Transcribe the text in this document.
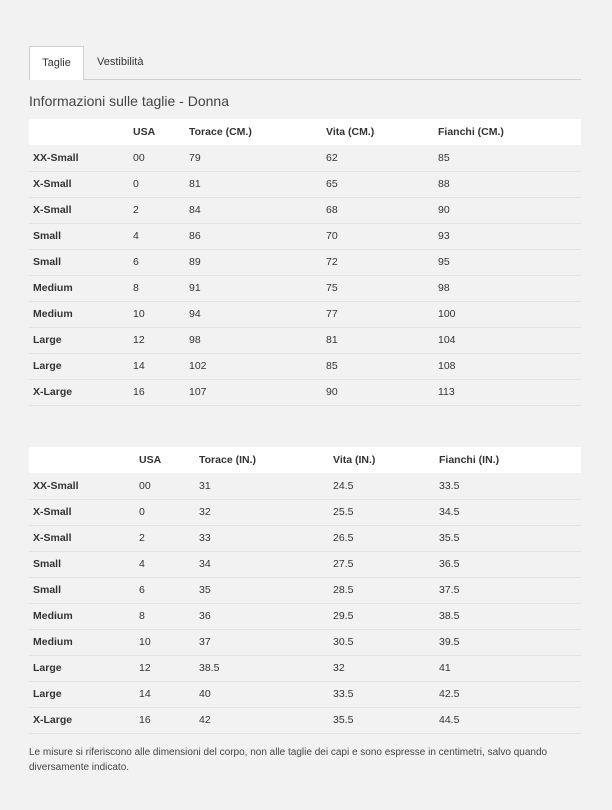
Taglie	Vestibilità
Informazioni sulle taglie - Donna
	USA	Torace (CM.)	Vita (CM.)	Fianchi (CM.)
XX-Small	00	79	62	85
X-Small	0	81	65	88
X-Small	2	84	68	90
Small	4	86	70	93
Small	6	89	72	95
Medium	8	91	75	98
Medium	10	94	77	100
Large	12	98	81	104
Large	14	102	85	108
X-Large	16	107	90	113
	USA	Torace (IN.)	Vita (IN.)	Fianchi (IN.)
XX-Small	00	31	24.5	33.5
X-Small	0	32	25.5	34.5
X-Small	2	33	26.5	35.5
Small	4	34	27.5	36.5
Small	6	35	28.5	37.5
Medium	8	36	29.5	38.5
Medium	10	37	30.5	39.5
Large	12	38.5	32	41
Large	14	40	33.5	42.5
X-Large	16	42	35.5	44.5

Le misure si riferiscono alle dimensioni del corpo, non alle taglie dei capi e sono espresse in centimetri, salvo quando diversamente indicato.
